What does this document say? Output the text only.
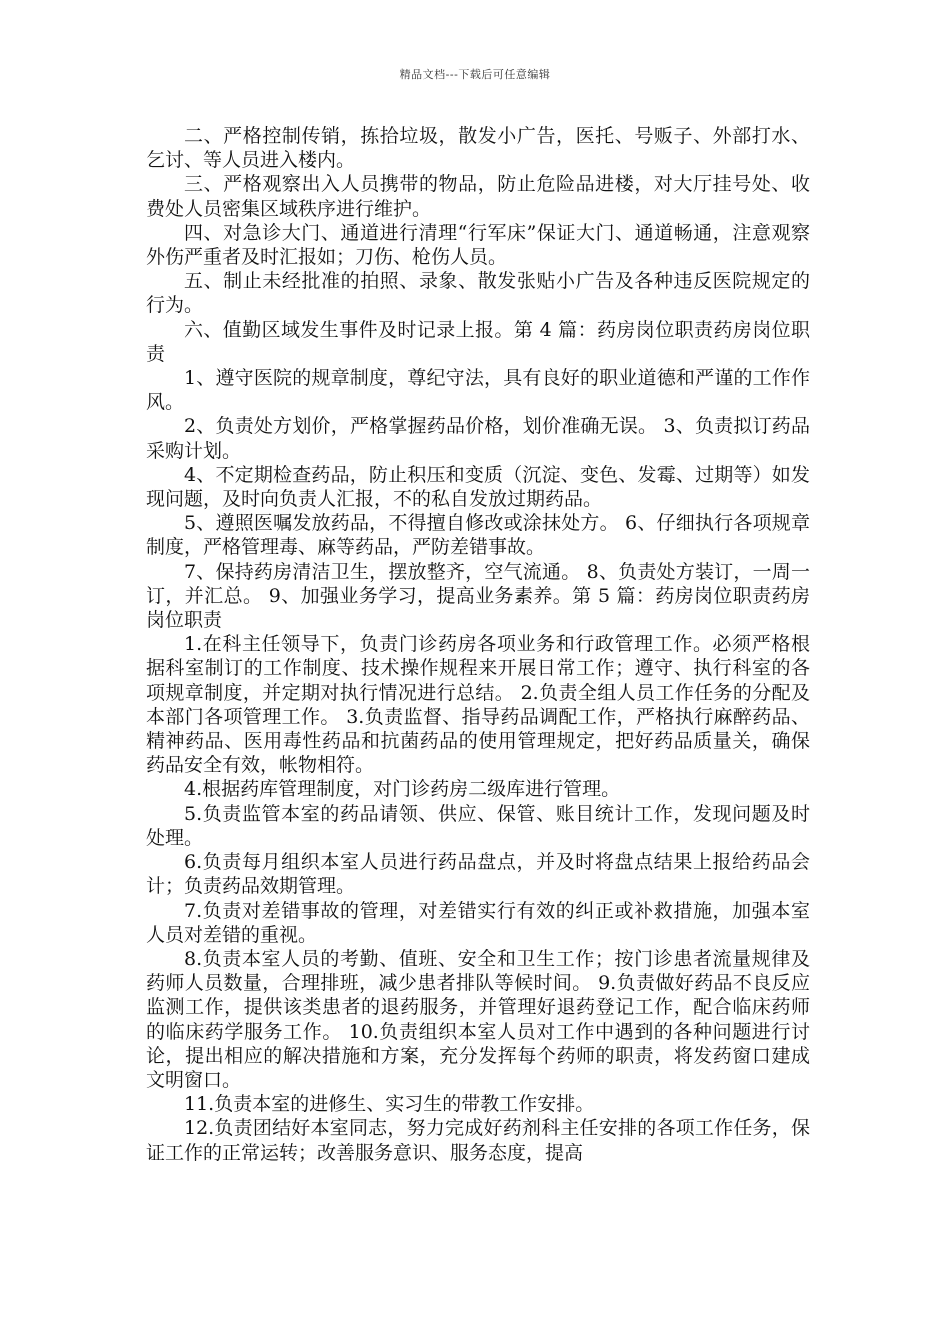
精品文档---下载后可任意编辑

二、严格控制传销，拣拾垃圾，散发小广告，医托、号贩子、外部打水、乞讨、等人员进入楼内。

三、严格观察出入人员携带的物品，防止危险品进楼，对大厅挂号处、收费处人员密集区域秩序进行维护。

四、对急诊大门、通道进行清理“行军床”保证大门、通道畅通，注意观察外伤严重者及时汇报如；刀伤、枪伤人员。

五、制止未经批准的拍照、录象、散发张贴小广告及各种违反医院规定的行为。

六、值勤区域发生事件及时记录上报。第 4 篇：药房岗位职责药房岗位职责

1、遵守医院的规章制度，尊纪守法，具有良好的职业道德和严谨的工作作风。

2、负责处方划价，严格掌握药品价格，划价准确无误。 3、负责拟订药品采购计划。

4、不定期检查药品，防止积压和变质（沉淀、变色、发霉、过期等）如发现问题，及时向负责人汇报，不的私自发放过期药品。

5、遵照医嘱发放药品，不得擅自修改或涂抹处方。 6、仔细执行各项规章制度，严格管理毒、麻等药品，严防差错事故。

7、保持药房清洁卫生，摆放整齐，空气流通。 8、负责处方装订，一周一订，并汇总。 9、加强业务学习，提高业务素养。第 5 篇：药房岗位职责药房岗位职责

1.在科主任领导下，负责门诊药房各项业务和行政管理工作。必须严格根据科室制订的工作制度、技术操作规程来开展日常工作；遵守、执行科室的各项规章制度，并定期对执行情况进行总结。 2.负责全组人员工作任务的分配及本部门各项管理工作。 3.负责监督、指导药品调配工作，严格执行麻醉药品、精神药品、医用毒性药品和抗菌药品的使用管理规定，把好药品质量关，确保药品安全有效，帐物相符。

4.根据药库管理制度，对门诊药房二级库进行管理。

5.负责监管本室的药品请领、供应、保管、账目统计工作，发现问题及时处理。

6.负责每月组织本室人员进行药品盘点，并及时将盘点结果上报给药品会计；负责药品效期管理。

7.负责对差错事故的管理，对差错实行有效的纠正或补救措施，加强本室人员对差错的重视。

8.负责本室人员的考勤、值班、安全和卫生工作；按门诊患者流量规律及药师人员数量，合理排班，减少患者排队等候时间。 9.负责做好药品不良反应监测工作，提供该类患者的退药服务，并管理好退药登记工作，配合临床药师的临床药学服务工作。 10.负责组织本室人员对工作中遇到的各种问题进行讨论，提出相应的解决措施和方案，充分发挥每个药师的职责，将发药窗口建成文明窗口。

11.负责本室的进修生、实习生的带教工作安排。

12.负责团结好本室同志，努力完成好药剂科主任安排的各项工作任务，保证工作的正常运转；改善服务意识、服务态度，提高
